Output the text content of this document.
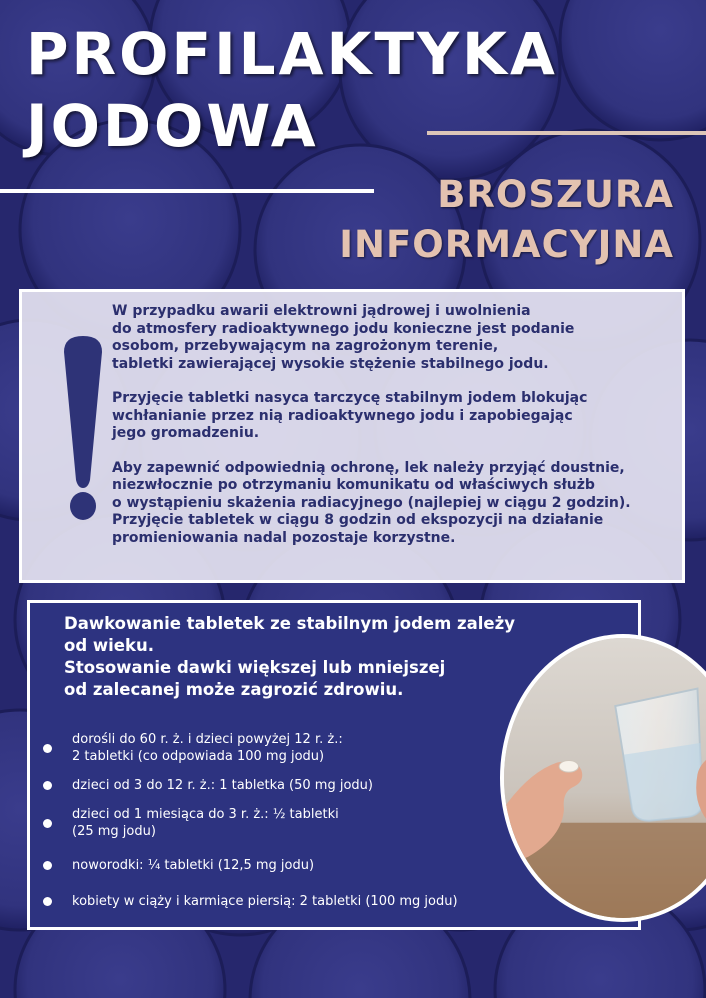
PROFILAKTYKA
JODOWA
BROSZURA
INFORMACYJNA

W przypadku awarii elektrowni jądrowej i uwolnienia
do atmosfery radioaktywnego jodu konieczne jest podanie
osobom, przebywającym na zagrożonym terenie,
tabletki zawierającej wysokie stężenie stabilnego jodu.

Przyjęcie tabletki nasyca tarczycę stabilnym jodem blokując
wchłanianie przez nią radioaktywnego jodu i zapobiegając
jego gromadzeniu.

Aby zapewnić odpowiednią ochronę, lek należy przyjąć doustnie,
niezwłocznie po otrzymaniu komunikatu od właściwych służb
o wystąpieniu skażenia radiacyjnego (najlepiej w ciągu 2 godzin).
Przyjęcie tabletek w ciągu 8 godzin od ekspozycji na działanie
promieniowania nadal pozostaje korzystne.

Dawkowanie tabletek ze stabilnym jodem zależy
od wieku.

Stosowanie dawki większej lub mniejszej
od zalecanej może zagrozić zdrowiu.

dorośli do 60 r. ż. i dzieci powyżej 12 r. ż.:
2 tabletki (co odpowiada 100 mg jodu)
dzieci od 3 do 12 r. ż.: 1 tabletka (50 mg jodu)
dzieci od 1 miesiąca do 3 r. ż.: ½ tabletki
(25 mg jodu)
noworodki: ¼ tabletki (12,5 mg jodu)
kobiety w ciąży i karmiące piersią: 2 tabletki (100 mg jodu)
